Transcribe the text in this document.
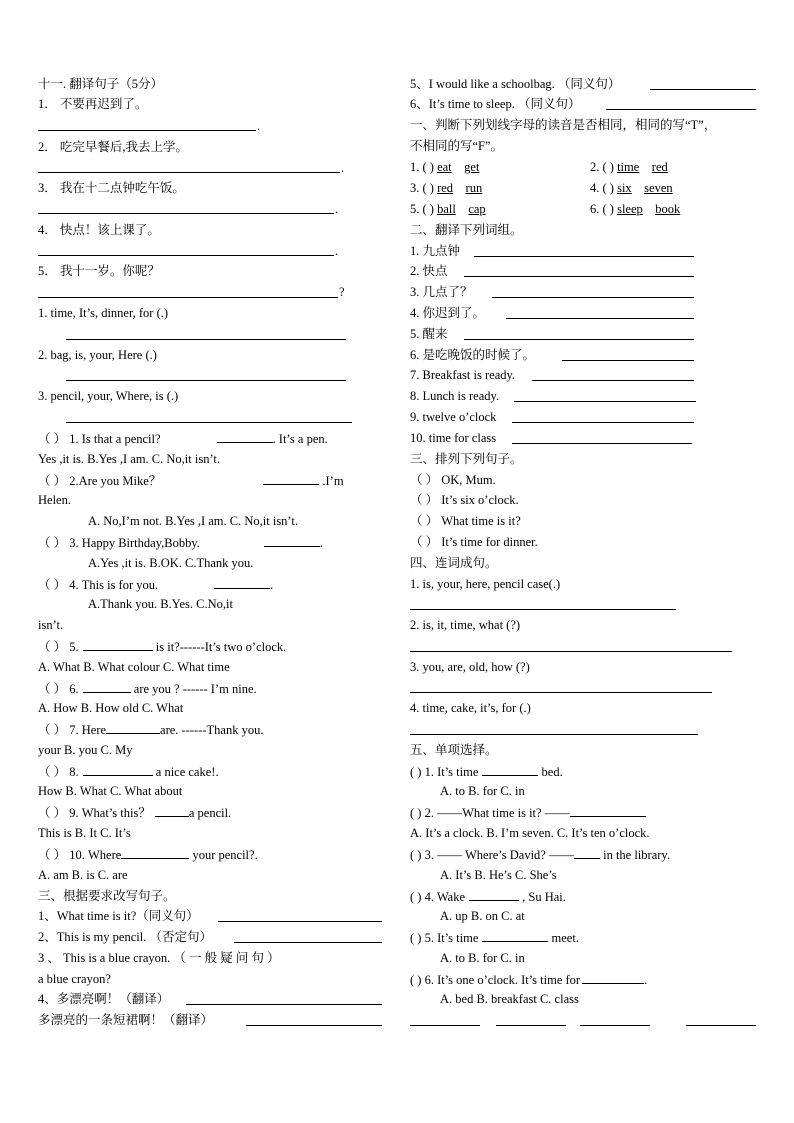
十一. 翻译句子（5分）
1． 不要再迟到了。
.
2． 吃完早餐后,我去上学。
.
3． 我在十二点钟吃午饭。
.
4． 快点！该上课了。
.
5． 我十一岁。你呢？
?
1. time, It’s, dinner, for (.)
2. bag, is, your, Here (.)
3. pencil, your, Where, is (.)
（ ） 1. Is that a pencil?	. It’s a pen.
Yes ,it is. B.Yes ,I am. C. No,it isn’t.
（ ） 2.Are you Mike？	.I’m
Helen.
A. No,I’m not. B.Yes ,I am. C. No,it isn’t.
（ ） 3. Happy Birthday,Bobby.	.
A.Yes ,it is. B.OK. C.Thank you.
（ ） 4. This is for you.	.
A.Thank you. B.Yes. C.No,it
isn’t.
（ ） 5.	is it?------It’s two o’clock.
A. What B. What colour C. What time
（ ） 6.	are you ? ------ I’m nine.
A. How B. How old C. What
（ ） 7. Here	are. ------Thank you.
your B. you C. My
（ ） 8.	a nice cake!.
How B. What C. What about
（ ） 9. What’s this？	a pencil.
This is B. It C. It’s
（ ） 10. Where	your pencil?.
A. am B. is C. are
三、根据要求改写句子。
1、What time is it?（同义句）
2、This is my pencil. （否定句）
3 、 This is a blue crayon. （ 一 般 疑 问 句 ）
a blue crayon?
4、多漂亮啊！（翻译）
多漂亮的一条短裙啊！（翻译）
5、I would like a schoolbag. （同义句）
6、It’s time to sleep. （同义句）
一、判断下列划线字母的读音是否相同，相同的写“T”，
不相同的写“F”。
1. ( ) eat get	2. ( ) time red
3. ( ) red run	4. ( ) six seven
5. ( ) ball cap	6. ( ) sleep book
二、翻译下列词组。
1. 九点钟
2. 快点
3. 几点了？
4. 你迟到了。
5. 醒来
6. 是吃晚饭的时候了。
7. Breakfast is ready.
8. Lunch is ready.
9. twelve o’clock
10. time for class
三、排列下列句子。
（ ） OK, Mum.
（ ） It’s six o’clock.
（ ） What time is it?
（ ） It’s time for dinner.
四、连词成句。
1. is, your, here, pencil case(.)
2. is, it, time, what (?)
3. you, are, old, how (?)
4. time, cake, it’s, for (.)
五、单项选择。
( ) 1. It’s time	bed.
A. to B. for C. in
( ) 2. ——What time is it? ——
A. It’s a clock. B. I’m seven. C. It’s ten o’clock.
( ) 3. —— Where’s David? —— in the library.
A. It’s B. He’s C. She’s
( ) 4. Wake	, Su Hai.
A. up B. on C. at
( ) 5. It’s time	meet.
A. to B. for C. in
( ) 6. It’s one o’clock. It’s time for	.
A. bed B. breakfast C. class
